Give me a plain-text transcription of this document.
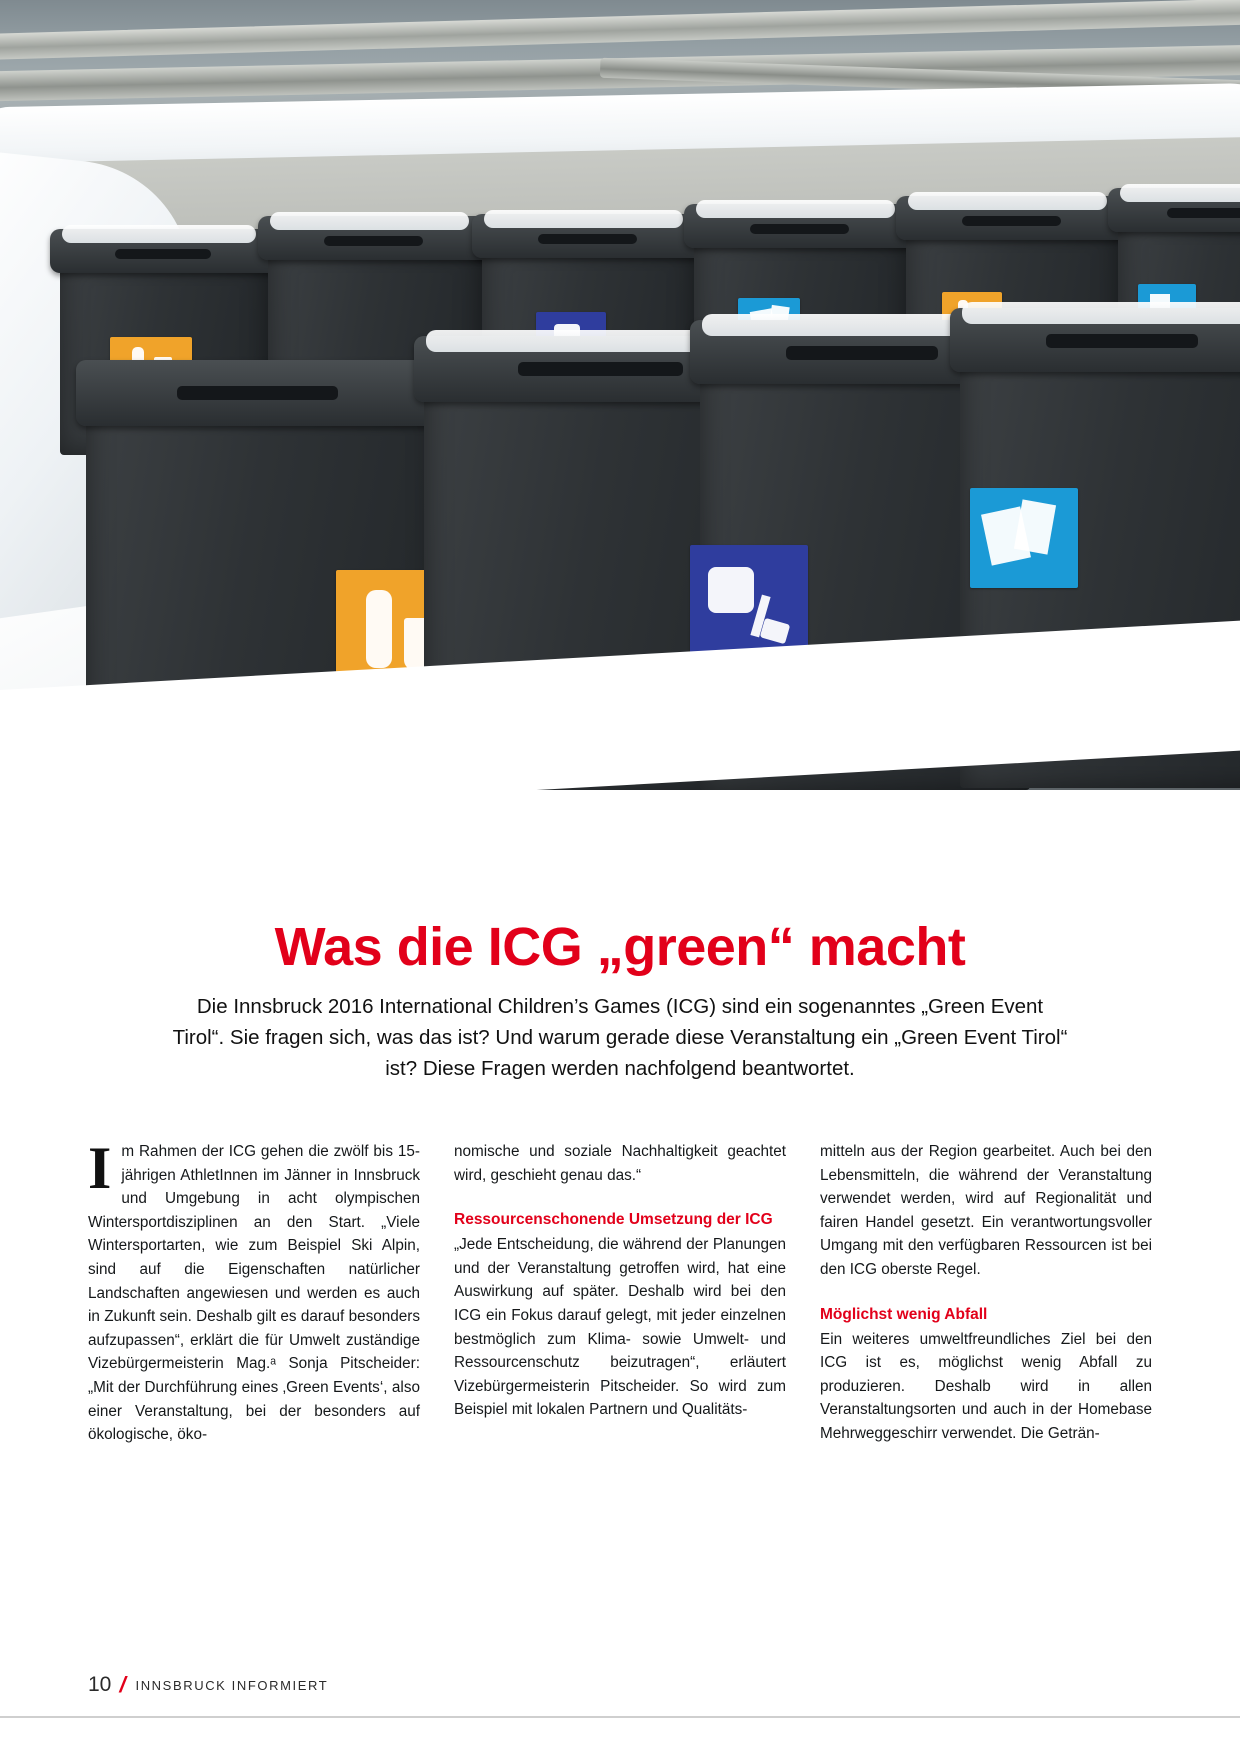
Was die ICG „green“ macht

Die Innsbruck 2016 International Children’s Games (ICG) sind ein sogenanntes „Green Event Tirol“. Sie fragen sich, was das ist? Und warum gerade diese Veranstaltung ein „Green Event Tirol“ ist? Diese Fragen werden nachfolgend beantwortet.

Im Rahmen der ICG gehen die zwölf bis 15-jährigen AthletInnen im Jänner in Innsbruck und Umgebung in acht olympischen Wintersportdisziplinen an den Start. „Viele Wintersportarten, wie zum Beispiel Ski Alpin, sind auf die Eigenschaften natürlicher Landschaften angewiesen und werden es auch in Zukunft sein. Deshalb gilt es darauf besonders aufzupassen“, erklärt die für Umwelt zuständige Vizebürgermeisterin Mag.ᵃ Sonja Pitscheider: „Mit der Durchführung eines ‚Green Events‘, also einer Veranstaltung, bei der besonders auf ökologische, öko-

nomische und soziale Nachhaltigkeit geachtet wird, geschieht genau das.“

Ressourcenschonende Umsetzung der ICG

„Jede Entscheidung, die während der Planungen und der Veranstaltung getroffen wird, hat eine Auswirkung auf später. Deshalb wird bei den ICG ein Fokus darauf gelegt, mit jeder einzelnen bestmöglich zum Klima- sowie Umwelt- und Ressourcenschutz beizutragen“, erläutert Vizebürgermeisterin Pitscheider. So wird zum Beispiel mit lokalen Partnern und Qualitäts-

mitteln aus der Region gearbeitet. Auch bei den Lebensmitteln, die während der Veranstaltung verwendet werden, wird auf Regionalität und fairen Handel gesetzt. Ein verantwortungsvoller Umgang mit den verfügbaren Ressourcen ist bei den ICG oberste Regel.

Möglichst wenig Abfall

Ein weiteres umweltfreundliches Ziel bei den ICG ist es, möglichst wenig Abfall zu produzieren. Deshalb wird in allen Veranstaltungsorten und auch in der Homebase Mehrweggeschirr verwendet. Die Geträn-

10 / INNSBRUCK INFORMIERT
